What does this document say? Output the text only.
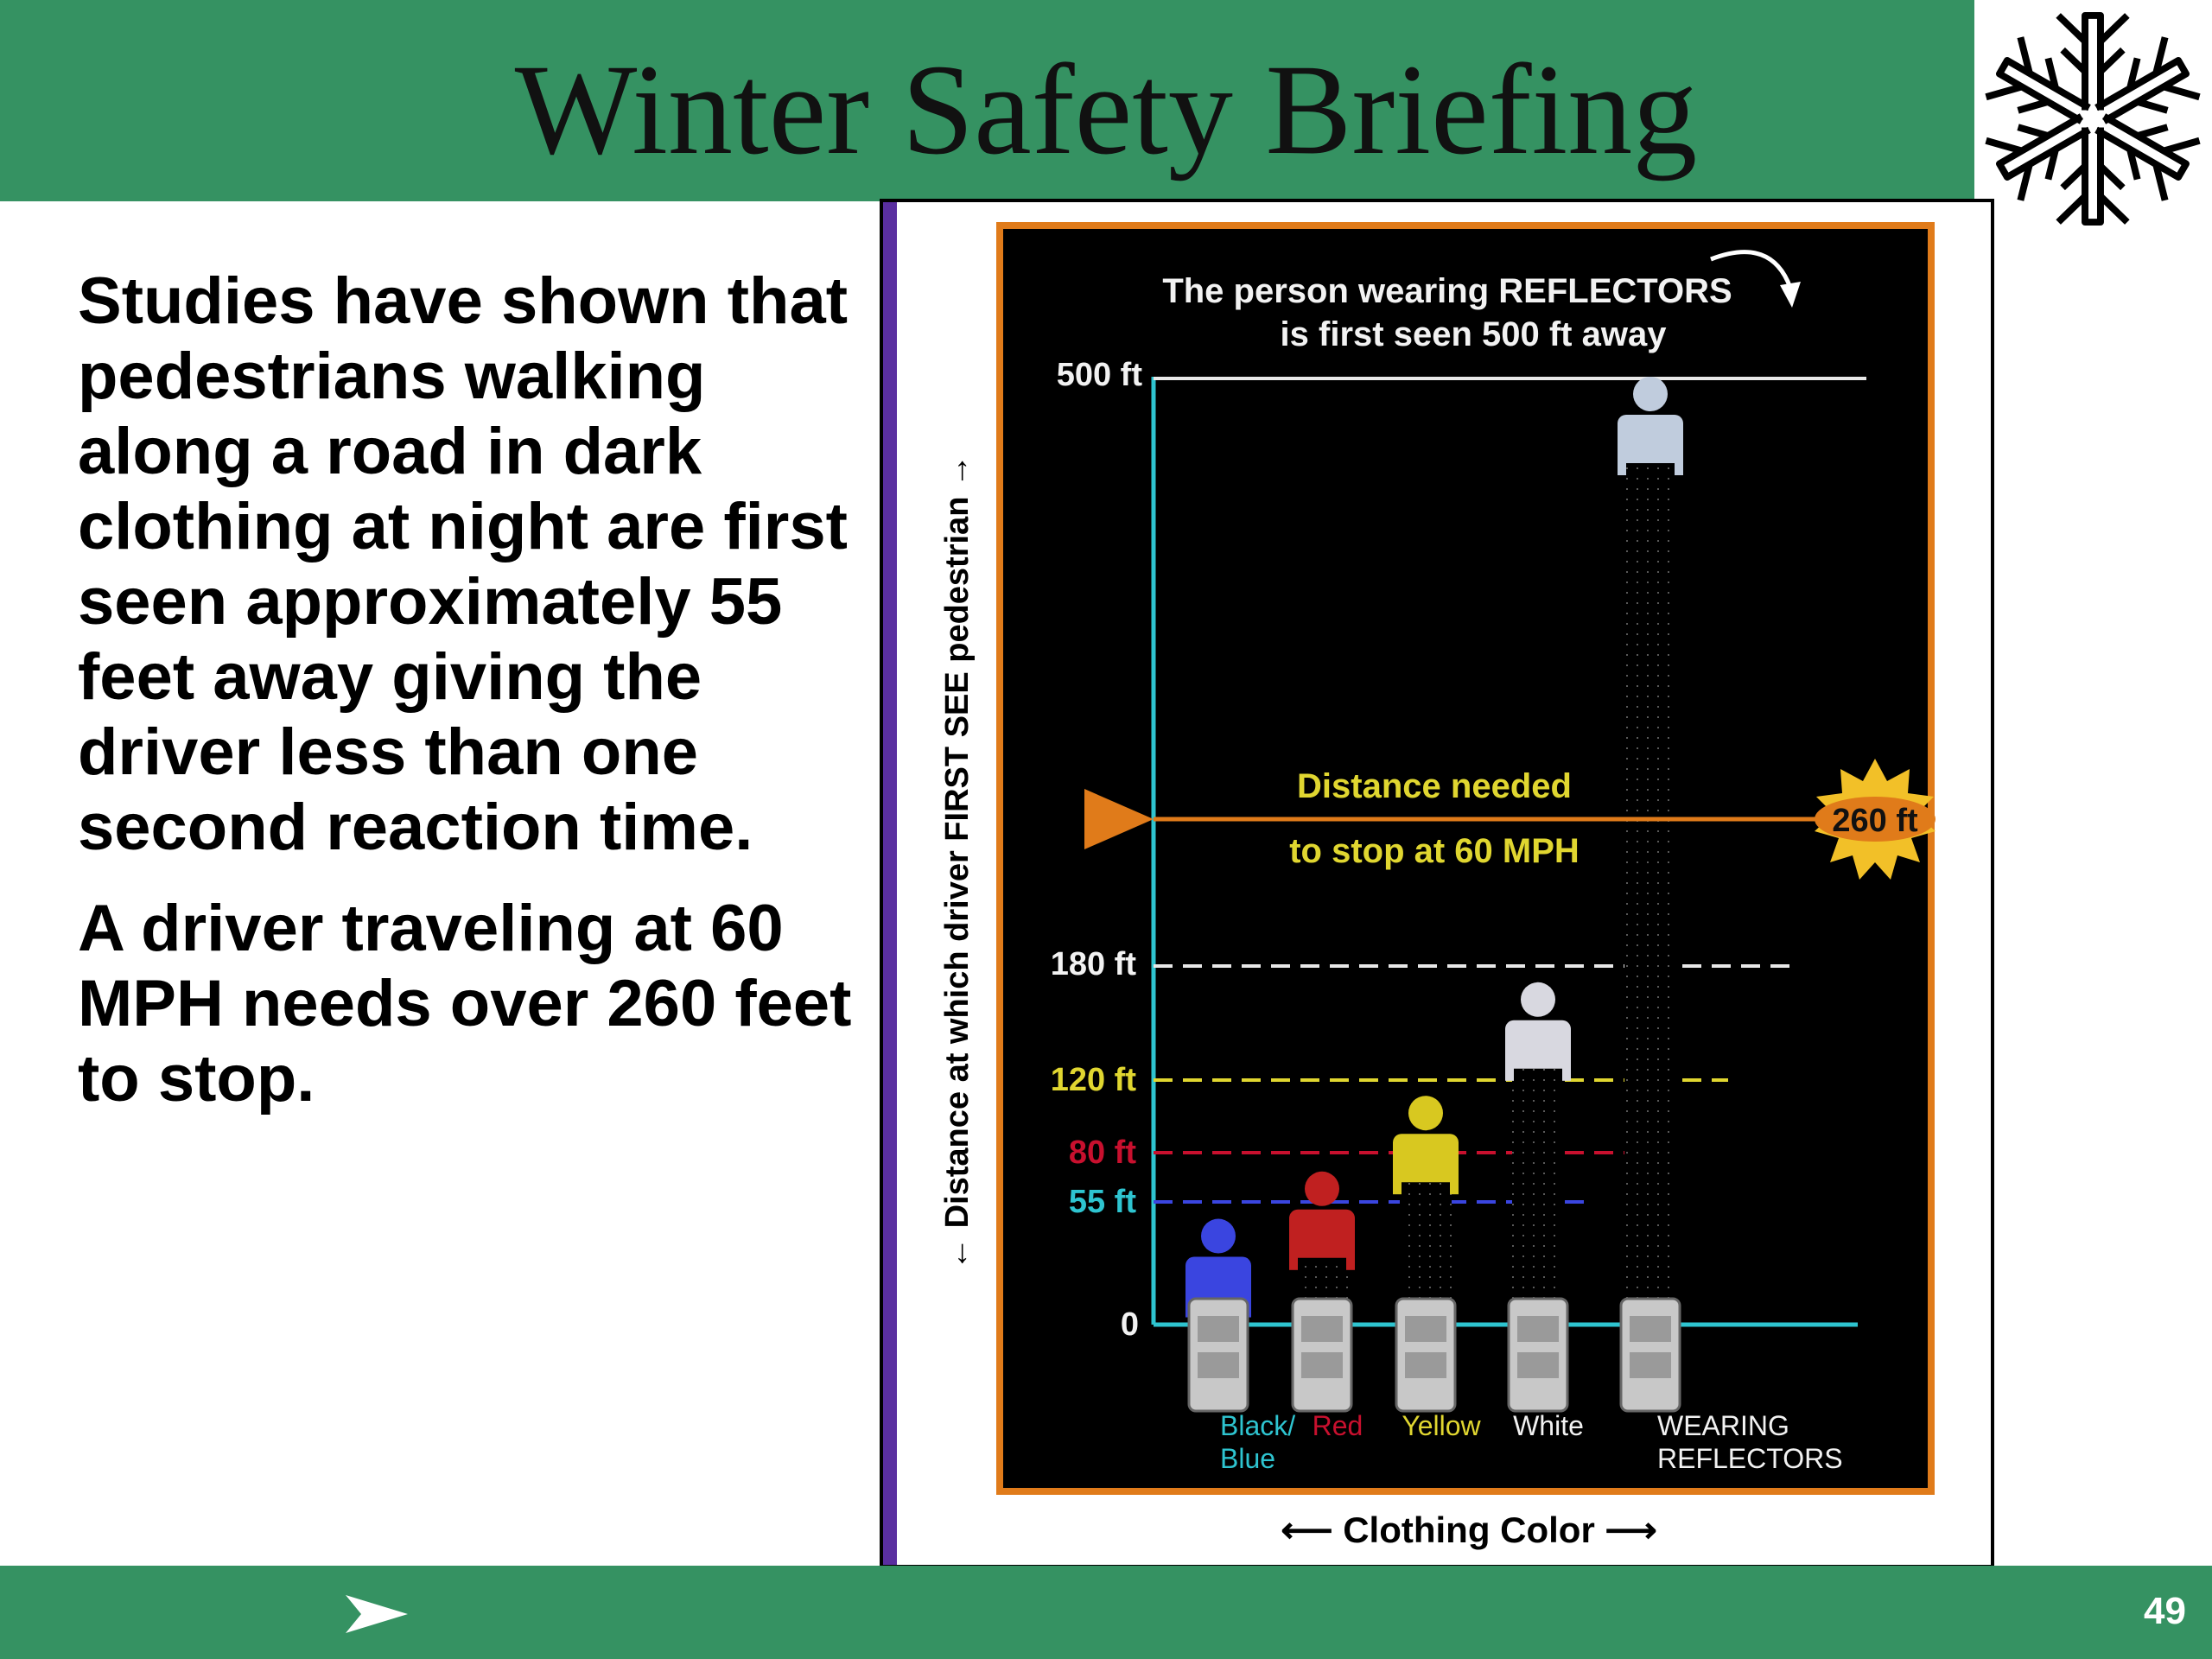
Winter Safety Briefing

Studies have shown that pedestrians walking along a road in dark clothing at night are first seen approximately 55 feet away giving the driver less than one second reaction time.

A driver traveling at 60 MPH needs over 260 feet to stop.	← Distance at which driver FIRST SEE pedestrian →
The person wearing REFLECTORS
is first seen 500 ft away
500 ft
180 ft
120 ft
80 ft
55 ft
0
Distance needed
to stop at 60 MPH
260 ft
Black/ Blue
Red Yellow White	WEARING REFLECTORS
⟵ Clothing Color ⟶
49
